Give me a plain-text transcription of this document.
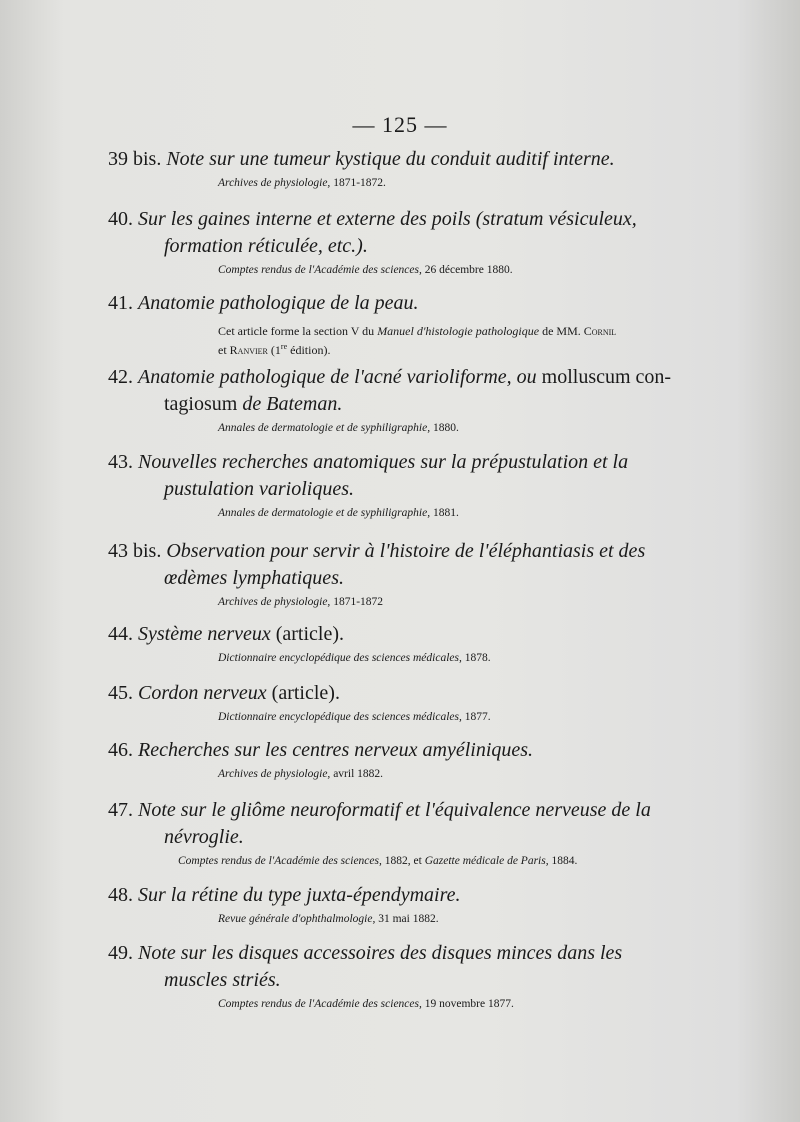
— 125 —
39 bis. Note sur une tumeur kystique du conduit auditif interne.
Archives de physiologie, 1871-1872.
40. Sur les gaines interne et externe des poils (stratum vésiculeux,
formation réticulée, etc.).
Comptes rendus de l'Académie des sciences, 26 décembre 1880.
41. Anatomie pathologique de la peau.
Cet article forme la section V du Manuel d'histologie pathologique de MM. Cornil
et Ranvier (1re édition).
42. Anatomie pathologique de l'acné varioliforme, ou molluscum con-
tagiosum de Bateman.
Annales de dermatologie et de syphiligraphie, 1880.
43. Nouvelles recherches anatomiques sur la prépustulation et la
pustulation varioliques.
Annales de dermatologie et de syphiligraphie, 1881.
43 bis. Observation pour servir à l'histoire de l'éléphantiasis et des
œdèmes lymphatiques.
Archives de physiologie, 1871-1872
44. Système nerveux (article).
Dictionnaire encyclopédique des sciences médicales, 1878.
45. Cordon nerveux (article).
Dictionnaire encyclopédique des sciences médicales, 1877.
46. Recherches sur les centres nerveux amyéliniques.
Archives de physiologie, avril 1882.
47. Note sur le gliôme neuroformatif et l'équivalence nerveuse de la
névroglie.
Comptes rendus de l'Académie des sciences, 1882, et Gazette médicale de Paris, 1884.
48. Sur la rétine du type juxta-épendymaire.
Revue générale d'ophthalmologie, 31 mai 1882.
49. Note sur les disques accessoires des disques minces dans les
muscles striés.
Comptes rendus de l'Académie des sciences, 19 novembre 1877.
